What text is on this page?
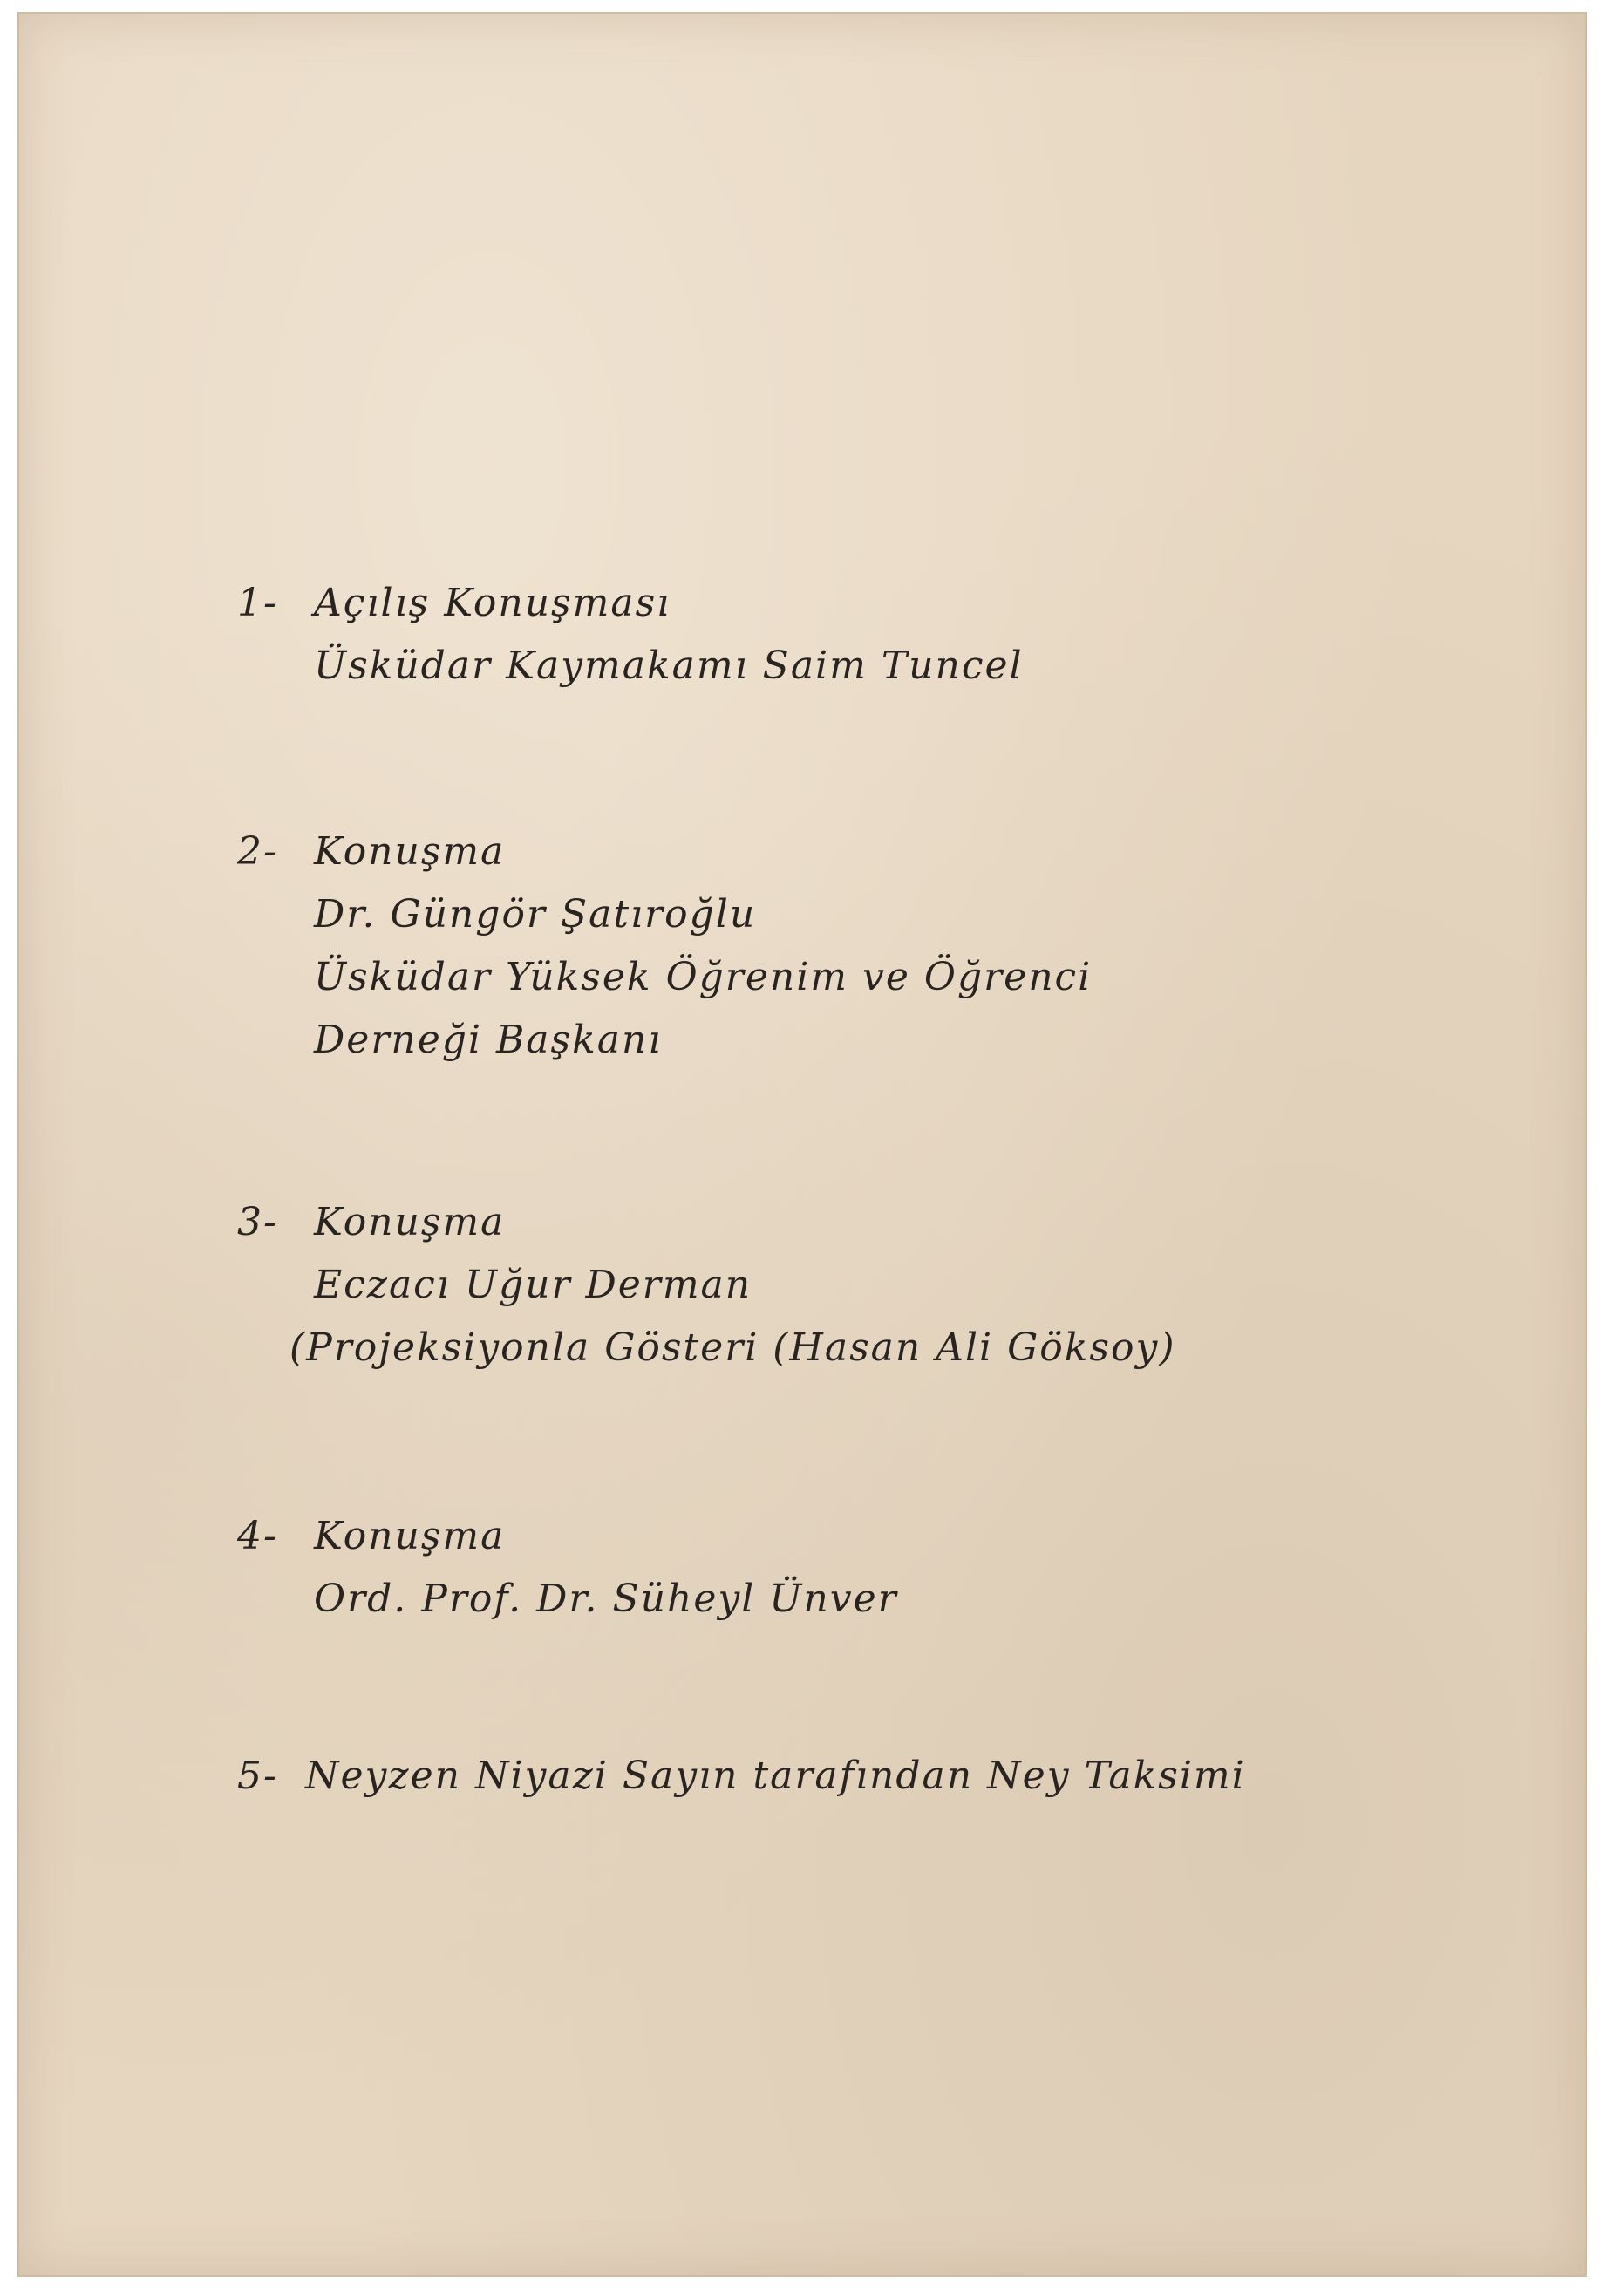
1- Açılış Konuşması
Üsküdar Kaymakamı Saim Tuncel
2- Konuşma
Dr. Güngör Şatıroğlu
Üsküdar Yüksek Öğrenim ve Öğrenci
Derneği Başkanı
3- Konuşma
Eczacı Uğur Derman
(Projeksiyonla Gösteri (Hasan Ali Göksoy)
4- Konuşma
Ord. Prof. Dr. Süheyl Ünver
5- Neyzen Niyazi Sayın tarafından Ney Taksimi
